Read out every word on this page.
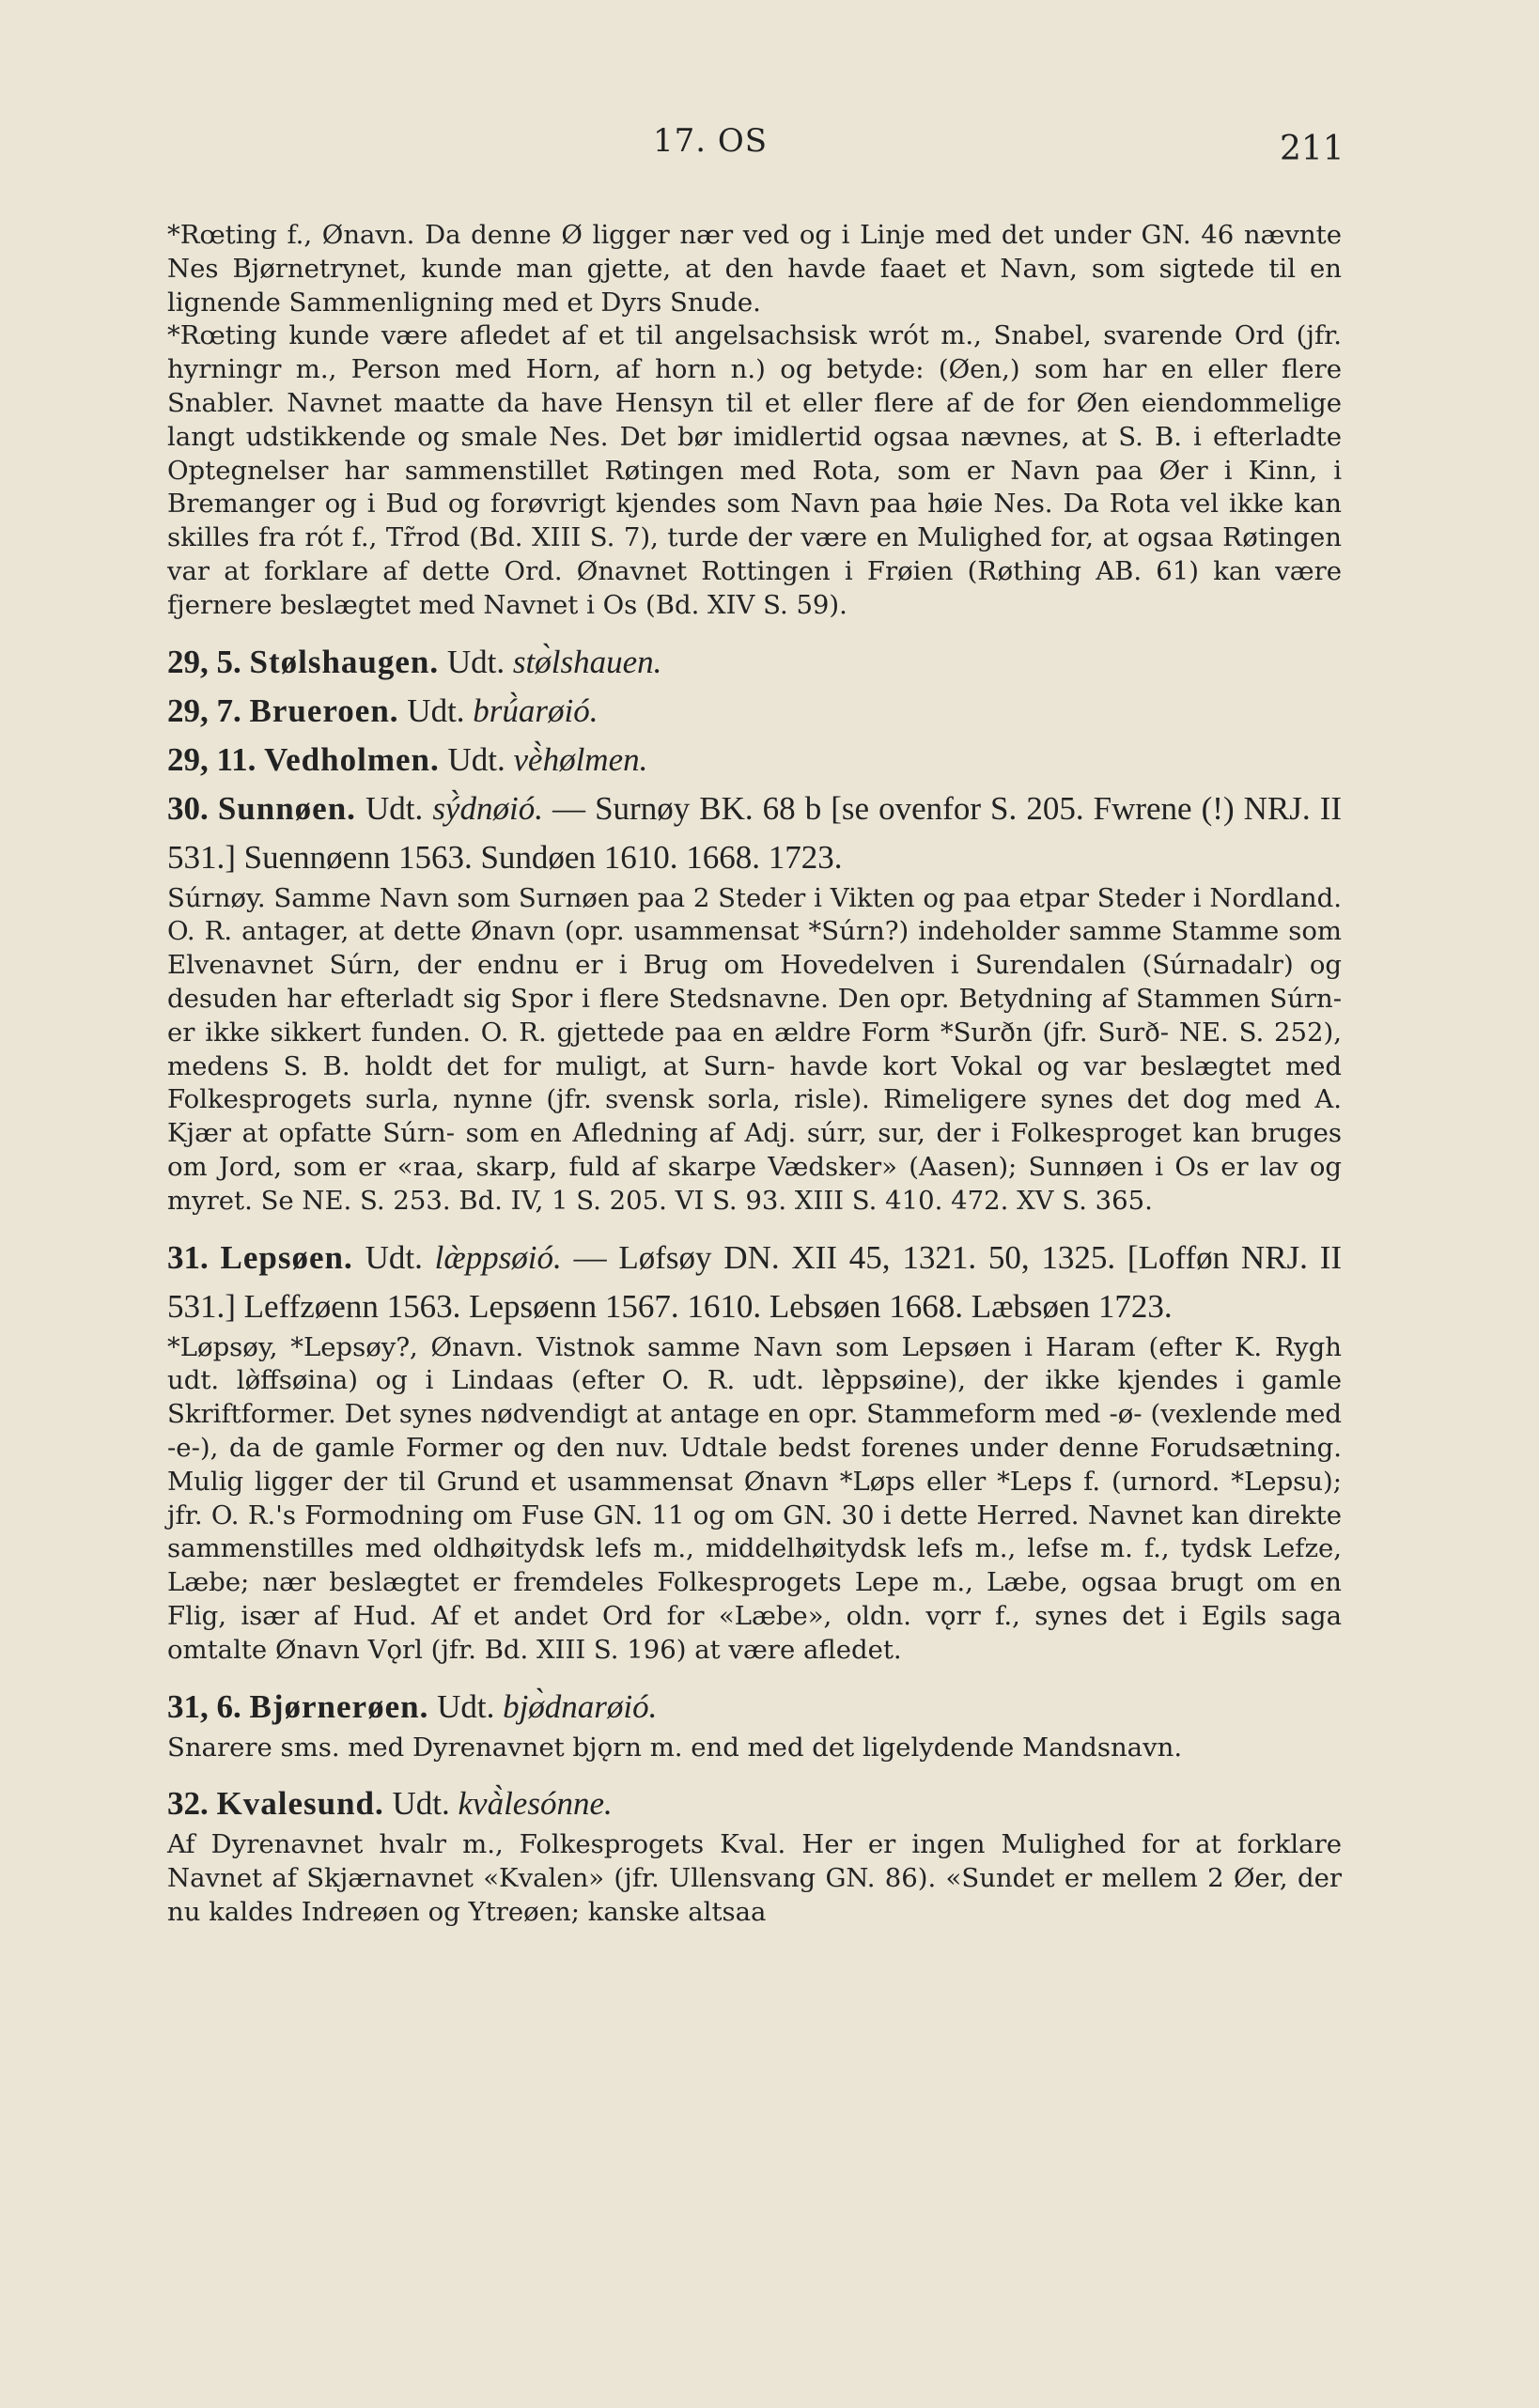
17. OS	211

*Rœting f., Ønavn. Da denne Ø ligger nær ved og i Linje med det under GN. 46 nævnte Nes Bjørnetrynet, kunde man gjette, at den havde faaet et Navn, som sigtede til en lignende Sammenligning med et Dyrs Snude.

*Rœting kunde være afledet af et til angelsachsisk wrót m., Snabel, svarende Ord (jfr. hyrningr m., Person med Horn, af horn n.) og betyde: (Øen,) som har en eller flere Snabler. Navnet maatte da have Hensyn til et eller flere af de for Øen eiendommelige langt udstikkende og smale Nes. Det bør imidlertid ogsaa nævnes, at S. B. i efterladte Optegnelser har sammenstillet Røtingen med Rota, som er Navn paa Øer i Kinn, i Bremanger og i Bud og forøvrigt kjendes som Navn paa høie Nes. Da Rota vel ikke kan skilles fra rót f., Tr̃rod (Bd. XIII S. 7), turde der være en Mulighed for, at ogsaa Røtingen var at forklare af dette Ord. Ønavnet Rottingen i Frøien (Røthing AB. 61) kan være fjernere beslægtet med Navnet i Os (Bd. XIV S. 59).

29, 5. Stølshaugen. Udt. stø̀lshauen.

29, 7. Brueroen. Udt. brú̀arøió.

29, 11. Vedholmen. Udt. vè̀hølmen.

30. Sunnøen. Udt. sý̀dnøió. — Surnøy BK. 68 b [se ovenfor S. 205. Fwrene (!) NRJ. II 531.] Suennøenn 1563. Sundøen 1610. 1668. 1723.

Súrnøy. Samme Navn som Surnøen paa 2 Steder i Vikten og paa etpar Steder i Nordland. O. R. antager, at dette Ønavn (opr. usammensat *Súrn?) indeholder samme Stamme som Elvenavnet Súrn, der endnu er i Brug om Hovedelven i Surendalen (Súrnadalr) og desuden har efterladt sig Spor i flere Stedsnavne. Den opr. Betydning af Stammen Súrn- er ikke sikkert funden. O. R. gjettede paa en ældre Form *Surðn (jfr. Surð- NE. S. 252), medens S. B. holdt det for muligt, at Surn- havde kort Vokal og var beslægtet med Folkesprogets surla, nynne (jfr. svensk sorla, risle). Rimeligere synes det dog med A. Kjær at opfatte Súrn- som en Afledning af Adj. súrr, sur, der i Folkesproget kan bruges om Jord, som er «raa, skarp, fuld af skarpe Vædsker» (Aasen); Sunnøen i Os er lav og myret. Se NE. S. 253. Bd. IV, 1 S. 205. VI S. 93. XIII S. 410. 472. XV S. 365.

31. Lepsøen. Udt. læ̀ppsøió. — Løfsøy DN. XII 45, 1321. 50, 1325. [Lofføn NRJ. II 531.] Leffzøenn 1563. Lepsøenn 1567. 1610. Lebsøen 1668. Læbsøen 1723.

*Løpsøy, *Lepsøy?, Ønavn. Vistnok samme Navn som Lepsøen i Haram (efter K. Rygh udt. lø̀ffsøina) og i Lindaas (efter O. R. udt. lè̀ppsøine), der ikke kjendes i gamle Skriftformer. Det synes nødvendigt at antage en opr. Stammeform med -ø- (vexlende med -e-), da de gamle Former og den nuv. Udtale bedst forenes under denne Forudsætning. Mulig ligger der til Grund et usammensat Ønavn *Løps eller *Leps f. (urnord. *Lepsu); jfr. O. R.'s Formodning om Fuse GN. 11 og om GN. 30 i dette Herred. Navnet kan direkte sammenstilles med oldhøitydsk lefs m., middelhøitydsk lefs m., lefse m. f., tydsk Lefze, Læbe; nær beslægtet er fremdeles Folkesprogets Lepe m., Læbe, ogsaa brugt om en Flig, især af Hud. Af et andet Ord for «Læbe», oldn. vǫrr f., synes det i Egils saga omtalte Ønavn Vǫrl (jfr. Bd. XIII S. 196) at være afledet.

31, 6. Bjørnerøen. Udt. bjø̀dnarøió.

Snarere sms. med Dyrenavnet bjǫrn m. end med det ligelydende Mandsnavn.

32. Kvalesund. Udt. kvà̀lesónne.

Af Dyrenavnet hvalr m., Folkesprogets Kval. Her er ingen Mulighed for at forklare Navnet af Skjærnavnet «Kvalen» (jfr. Ullensvang GN. 86). «Sundet er mellem 2 Øer, der nu kaldes Indreøen og Ytreøen; kanske altsaa
